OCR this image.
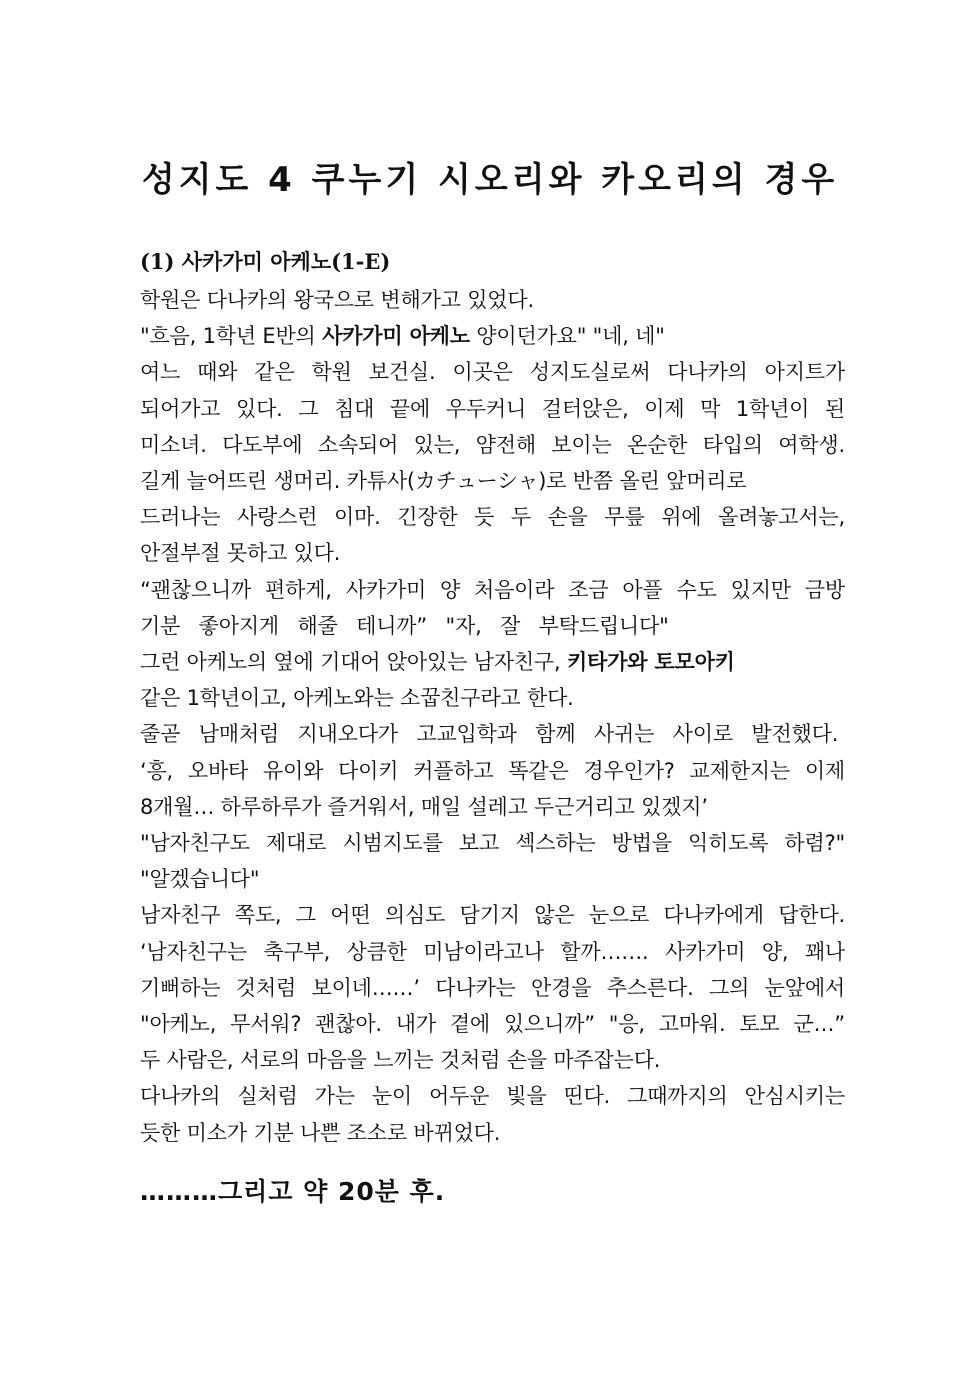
성지도 4 쿠누기 시오리와 카오리의 경우
(1) 사카가미 아케노(1-E)
학원은 다나카의 왕국으로 변해가고 있었다.
"흐음, 1학년 E반의 사카가미 아케노 양이던가요" "네, 네"
여느 때와 같은 학원 보건실. 이곳은 성지도실로써 다나카의 아지트가
되어가고 있다. 그 침대 끝에 우두커니 걸터앉은, 이제 막 1학년이 된
미소녀. 다도부에 소속되어 있는, 얌전해 보이는 온순한 타입의 여학생.
길게 늘어뜨린 생머리. 카튜사(カチューシャ)로 반쯤 올린 앞머리로
드러나는 사랑스런 이마. 긴장한 듯 두 손을 무릎 위에 올려놓고서는,
안절부절 못하고 있다.
“괜찮으니까 편하게, 사카가미 양 처음이라 조금 아플 수도 있지만 금방
기분 좋아지게 해줄 테니까” "자, 잘 부탁드립니다"
그런 아케노의 옆에 기대어 앉아있는 남자친구, 키타가와 토모아키
같은 1학년이고, 아케노와는 소꿉친구라고 한다.
줄곧 남매처럼 지내오다가 고교입학과 함께 사귀는 사이로 발전했다.
‘흥, 오바타 유이와 다이키 커플하고 똑같은 경우인가? 교제한지는 이제
8개월… 하루하루가 즐거워서, 매일 설레고 두근거리고 있겠지’
"남자친구도 제대로 시범지도를 보고 섹스하는 방법을 익히도록 하렴?"
"알겠습니다"
남자친구 쪽도, 그 어떤 의심도 담기지 않은 눈으로 다나카에게 답한다.
‘남자친구는 축구부, 상큼한 미남이라고나 할까……. 사카가미 양, 꽤나
기뻐하는 것처럼 보이네……’ 다나카는 안경을 추스른다. 그의 눈앞에서
"아케노, 무서워? 괜찮아. 내가 곁에 있으니까” "응, 고마워. 토모 군…”
두 사람은, 서로의 마음을 느끼는 것처럼 손을 마주잡는다.
다나카의 실처럼 가는 눈이 어두운 빛을 띤다. 그때까지의 안심시키는
듯한 미소가 기분 나쁜 조소로 바뀌었다.

………그리고 약 20분 후.
